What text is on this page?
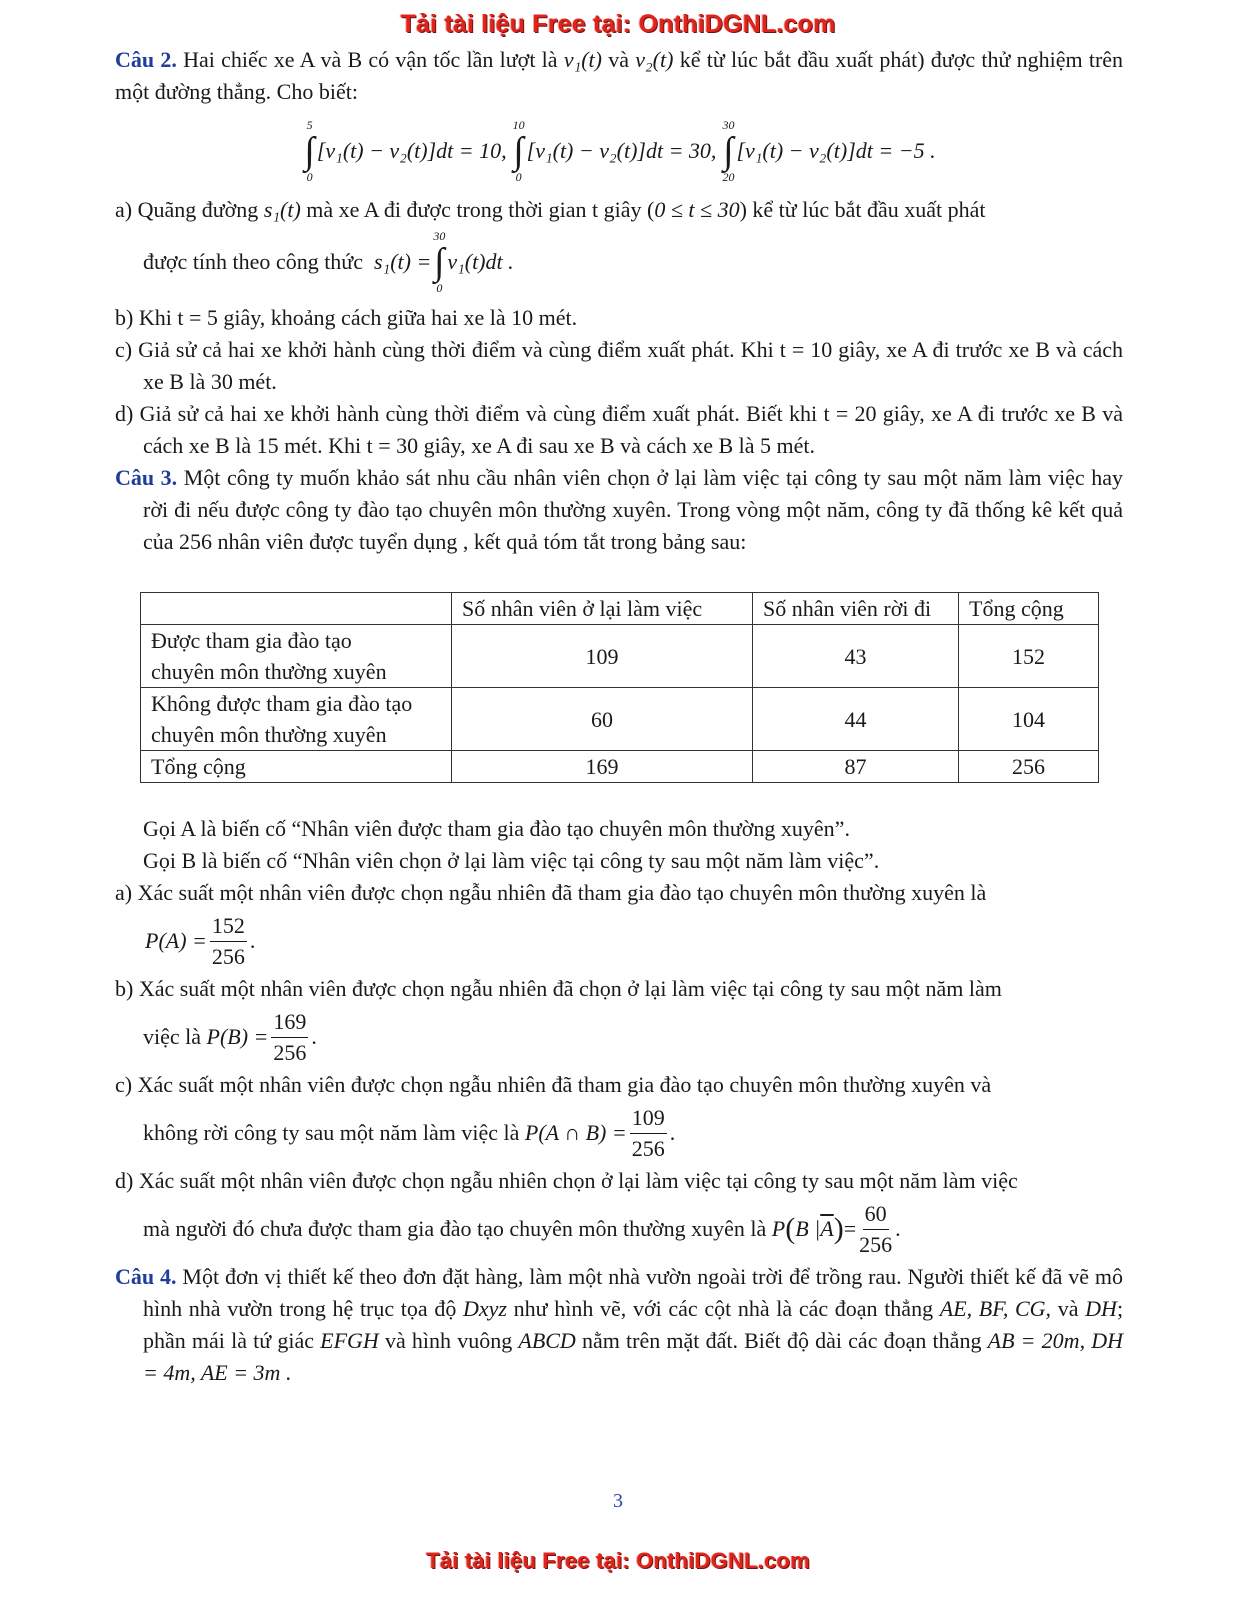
Tải tài liệu Free tại: OnthiDGNL.com

Câu 2. Hai chiếc xe A và B có vận tốc lần lượt là v₁(t) và v₂(t) kể từ lúc bắt đầu xuất phát) được thử nghiệm trên một đường thẳng. Cho biết:

5
∫
0
[v₁(t) − v₂(t)]dt = 10,
10
∫
0
[v₁(t) − v₂(t)]dt = 30,
30
∫
20
[v₁(t) − v₂(t)]dt = −5 .

a) Quãng đường s₁(t) mà xe A đi được trong thời gian t giây (0 ≤ t ≤ 30) kể từ lúc bắt đầu xuất phát

được tính theo công thức
s₁(t) =
30
∫
0
v₁(t)dt .

b) Khi t = 5 giây, khoảng cách giữa hai xe là 10 mét.

c) Giả sử cả hai xe khởi hành cùng thời điểm và cùng điểm xuất phát. Khi t = 10 giây, xe A đi trước xe B và cách xe B là 30 mét.

d) Giả sử cả hai xe khởi hành cùng thời điểm và cùng điểm xuất phát. Biết khi t = 20 giây, xe A đi trước xe B và cách xe B là 15 mét. Khi t = 30 giây, xe A đi sau xe B và cách xe B là 5 mét.

Câu 3. Một công ty muốn khảo sát nhu cầu nhân viên chọn ở lại làm việc tại công ty sau một năm làm việc hay rời đi nếu được công ty đào tạo chuyên môn thường xuyên. Trong vòng một năm, công ty đã thống kê kết quả của 256 nhân viên được tuyển dụng , kết quả tóm tắt trong bảng sau:

	Số nhân viên ở lại làm việc	Số nhân viên rời đi	Tổng cộng

Được tham gia đào tạo
chuyên môn thường xuyên	109	43	152

Không được tham gia đào tạo
chuyên môn thường xuyên	60	44	104
Tổng cộng	169	87	256

Gọi A là biến cố “Nhân viên được tham gia đào tạo chuyên môn thường xuyên”.

Gọi B là biến cố “Nhân viên chọn ở lại làm việc tại công ty sau một năm làm việc”.

a) Xác suất một nhân viên được chọn ngẫu nhiên đã tham gia đào tạo chuyên môn thường xuyên là

$P(A) = \frac{152}{256}$ .

b) Xác suất một nhân viên được chọn ngẫu nhiên đã chọn ở lại làm việc tại công ty sau một năm làm

việc là
$P(B) = \frac{169}{256}$ .

c) Xác suất một nhân viên được chọn ngẫu nhiên đã tham gia đào tạo chuyên môn thường xuyên và

không rời công ty sau một năm làm việc là
P(A ∩ $B) = \frac{109}{256}$ .

d) Xác suất một nhân viên được chọn ngẫu nhiên chọn ở lại làm việc tại công ty sau một năm làm việc

mà người đó chưa được tham gia đào tạo chuyên môn thường xuyên là
P ( B | $\overline{A}$ ) = $\frac{60}{256}$ .

Câu 4. Một đơn vị thiết kế theo đơn đặt hàng, làm một nhà vườn ngoài trời để trồng rau. Người thiết kế đã vẽ mô hình nhà vườn trong hệ trục tọa độ Dxyz như hình vẽ, với các cột nhà là các đoạn thẳng AE, BF, CG, và DH; phần mái là tứ giác EFGH và hình vuông ABCD nằm trên mặt đất. Biết độ dài các đoạn thẳng AB = 20m, DH = 4m, AE = 3m .

3
Tải tài liệu Free tại: OnthiDGNL.com
